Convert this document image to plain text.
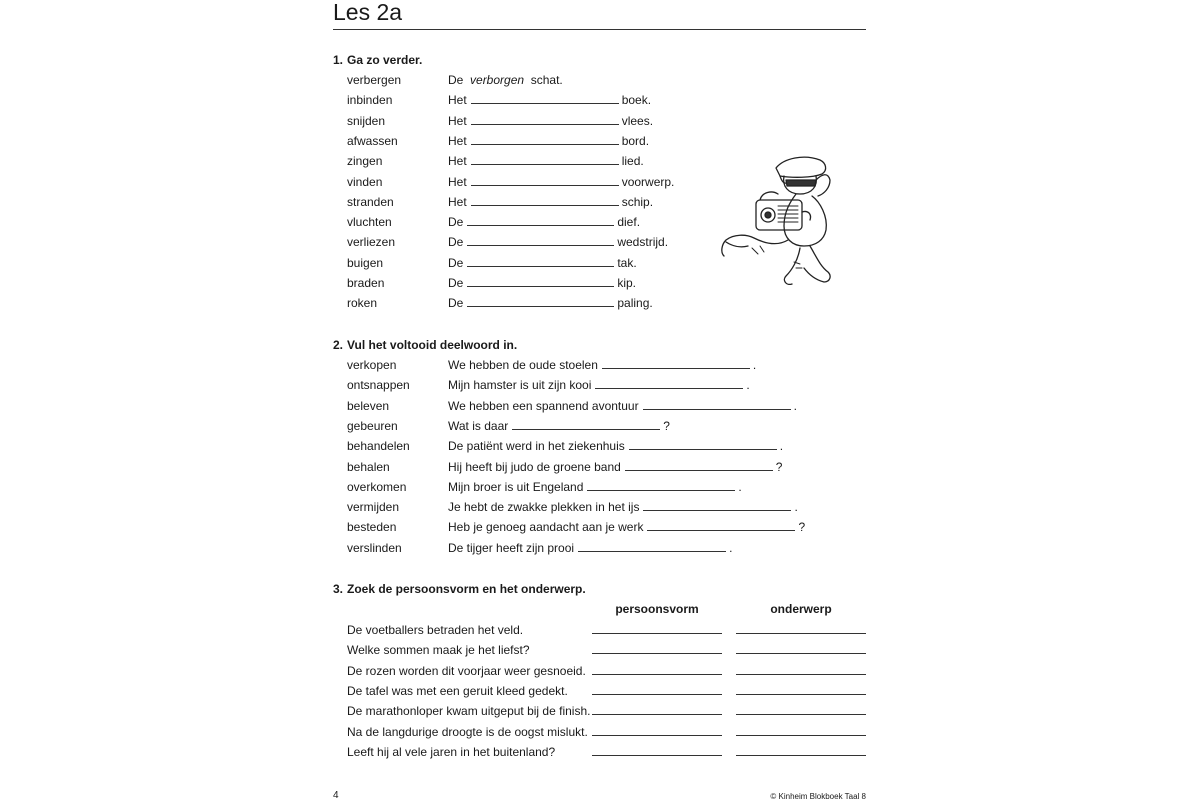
Les 2a
1. Ga zo verder.
verbergen	De verborgen schat.
inbinden	Het	boek.
snijden	Het	vlees.
afwassen	Het	bord.
zingen	Het	lied.
vinden	Het	voorwerp.
stranden	Het	schip.
vluchten	De	dief.
verliezen	De	wedstrijd.
buigen	De	tak.
braden	De	kip.
roken	De	paling.
2. Vul het voltooid deelwoord in.
verkopen	We hebben de oude stoelen	.
ontsnappen	Mijn hamster is uit zijn kooi	.
beleven	We hebben een spannend avontuur	.
gebeuren	Wat is daar	?
behandelen	De patiënt werd in het ziekenhuis	.
behalen	Hij heeft bij judo de groene band	?
overkomen	Mijn broer is uit Engeland	.
vermijden	Je hebt de zwakke plekken in het ijs	.
besteden	Heb je genoeg aandacht aan je werk	?
verslinden	De tijger heeft zijn prooi	.
3. Zoek de persoonsvorm en het onderwerp.
persoonsvorm	onderwerp
De voetballers betraden het veld.
Welke sommen maak je het liefst?
De rozen worden dit voorjaar weer gesnoeid.
De tafel was met een geruit kleed gedekt.
De marathonloper kwam uitgeput bij de finish.
Na de langdurige droogte is de oogst mislukt.
Leeft hij al vele jaren in het buitenland?
4	© Kinheim Blokboek Taal 8
